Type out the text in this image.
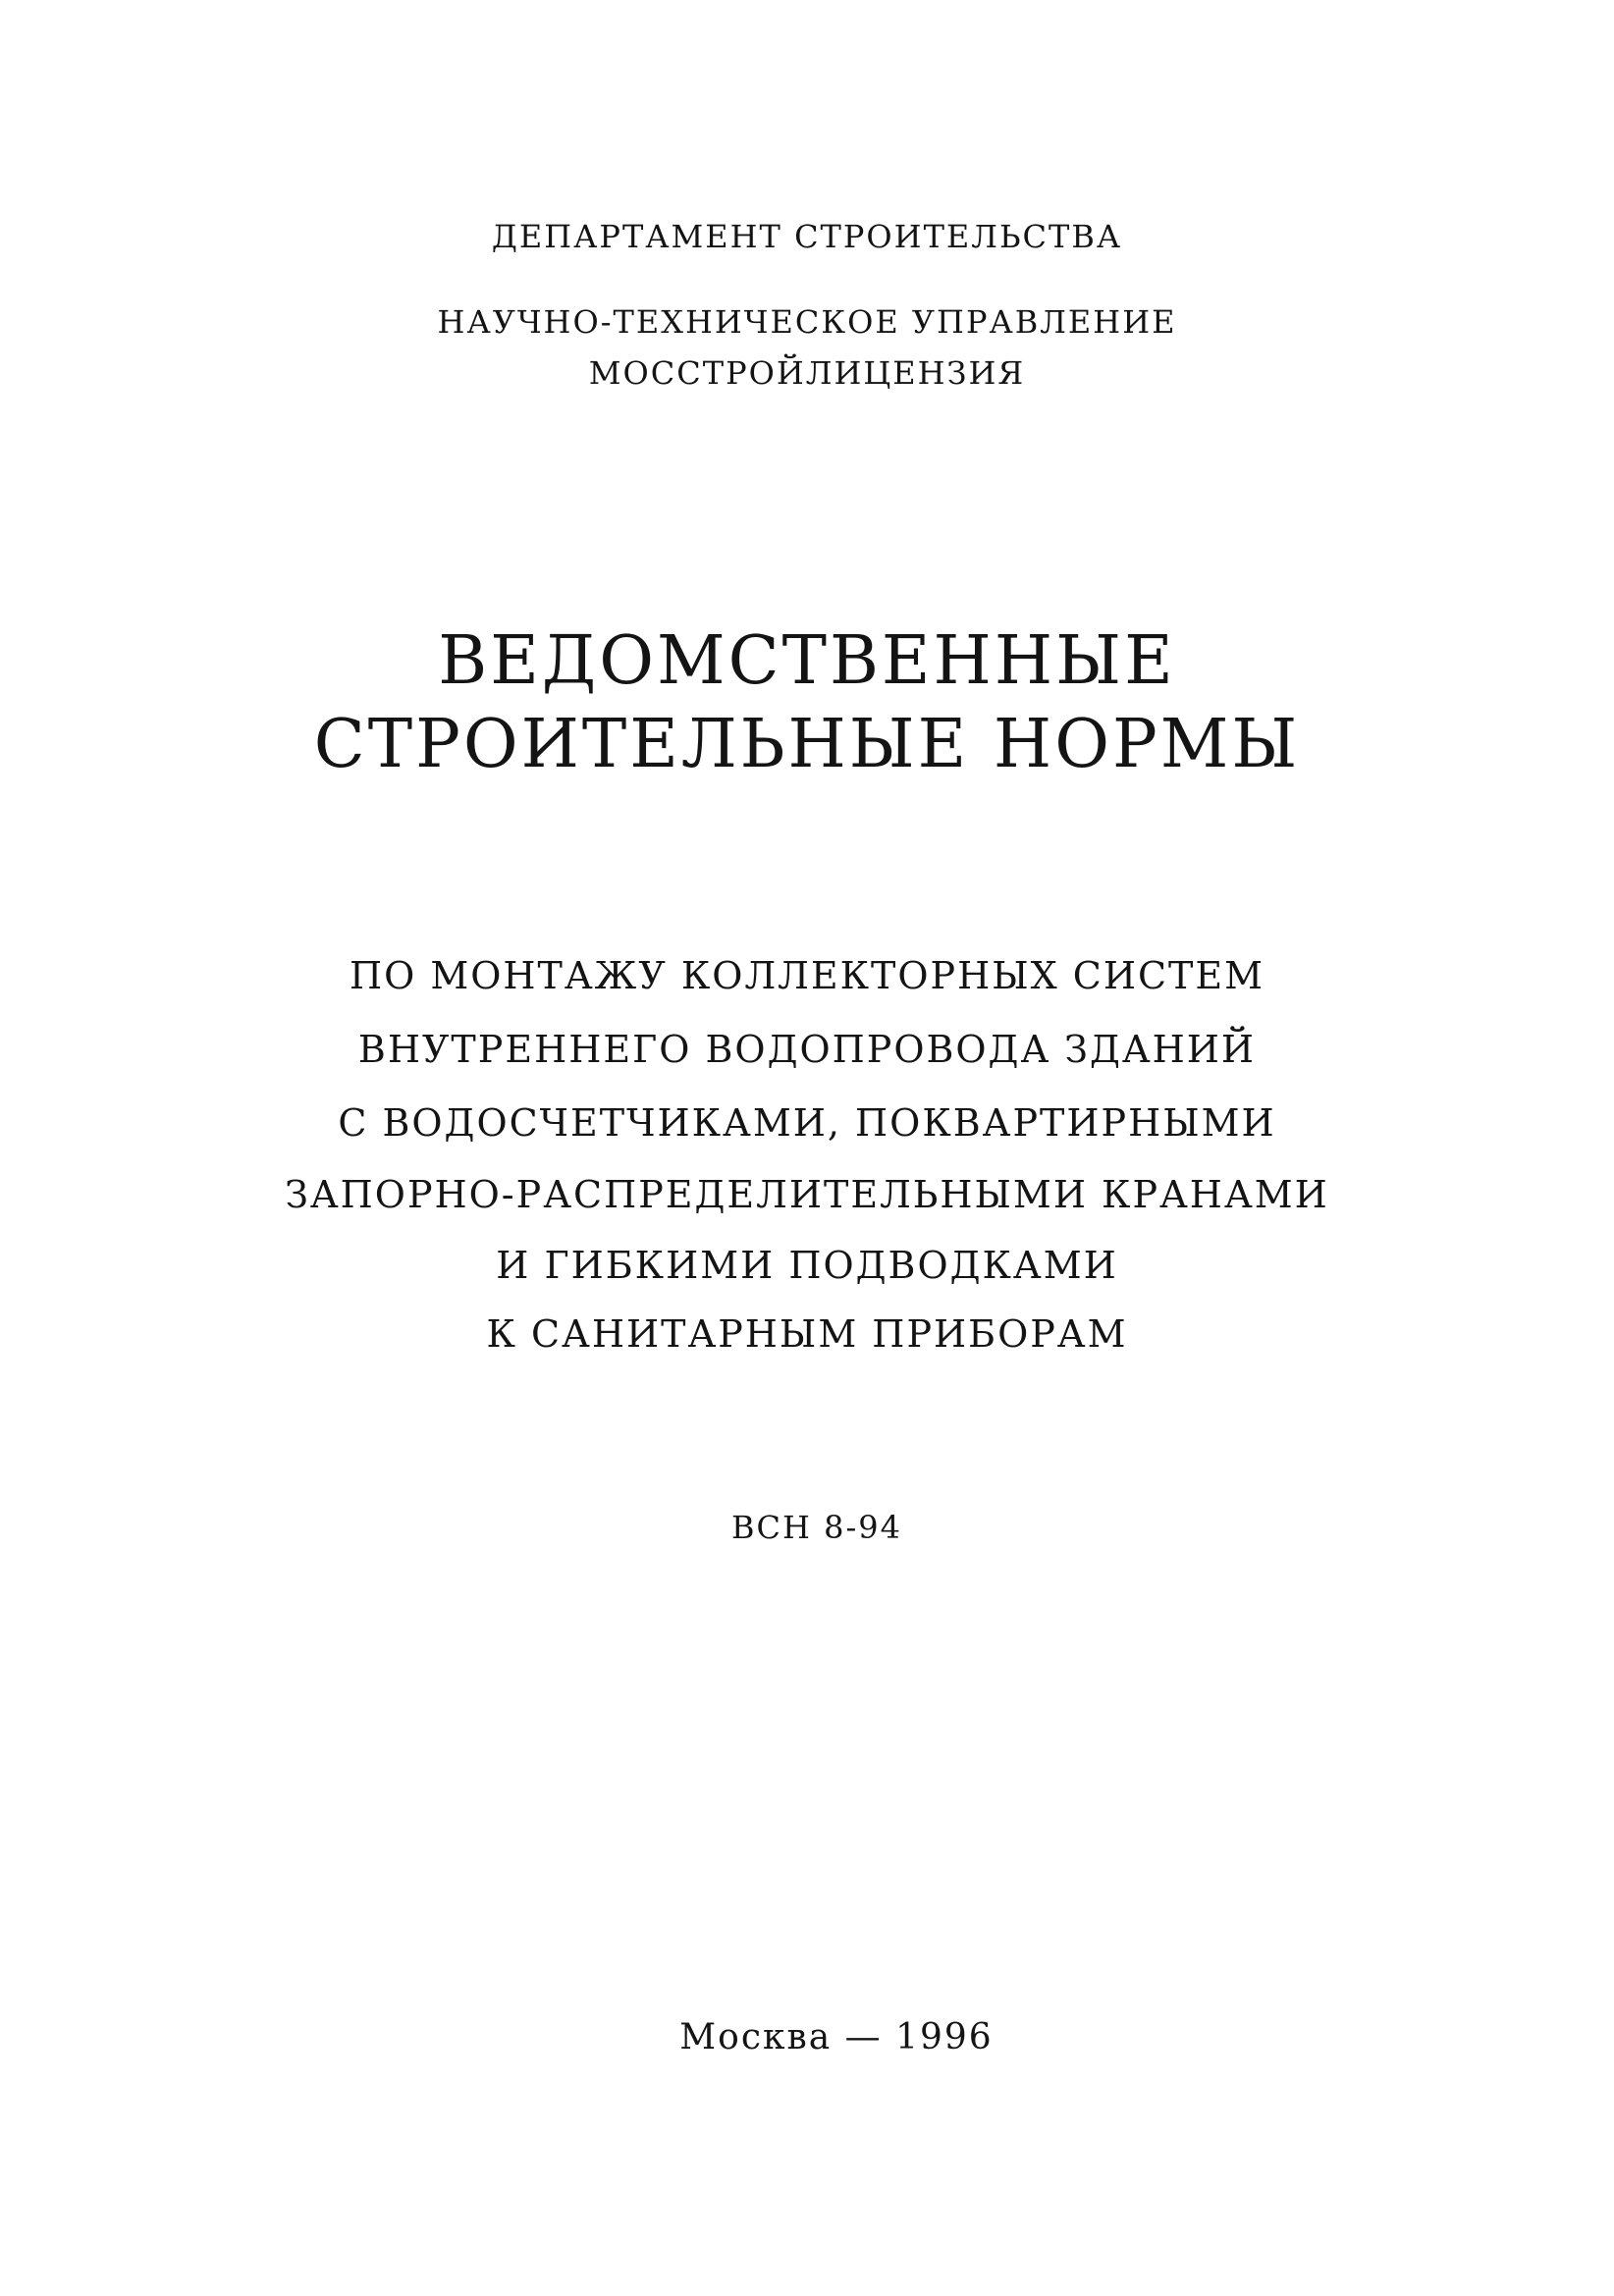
ДЕПАРТАМЕНТ СТРОИТЕЛЬСТВА

НАУЧНО-ТЕХНИЧЕСКОЕ УПРАВЛЕНИЕ

МОССТРОЙЛИЦЕНЗИЯ

ВЕДОМСТВЕННЫЕ

СТРОИТЕЛЬНЫЕ НОРМЫ

ПО МОНТАЖУ КОЛЛЕКТОРНЫХ СИСТЕМ

ВНУТРЕННЕГО ВОДОПРОВОДА ЗДАНИЙ

С ВОДОСЧЕТЧИКАМИ, ПОКВАРТИРНЫМИ

ЗАПОРНО-РАСПРЕДЕЛИТЕЛЬНЫМИ КРАНАМИ

И ГИБКИМИ ПОДВОДКАМИ

К САНИТАРНЫМ ПРИБОРАМ

ВСН 8-94

Москва — 1996
